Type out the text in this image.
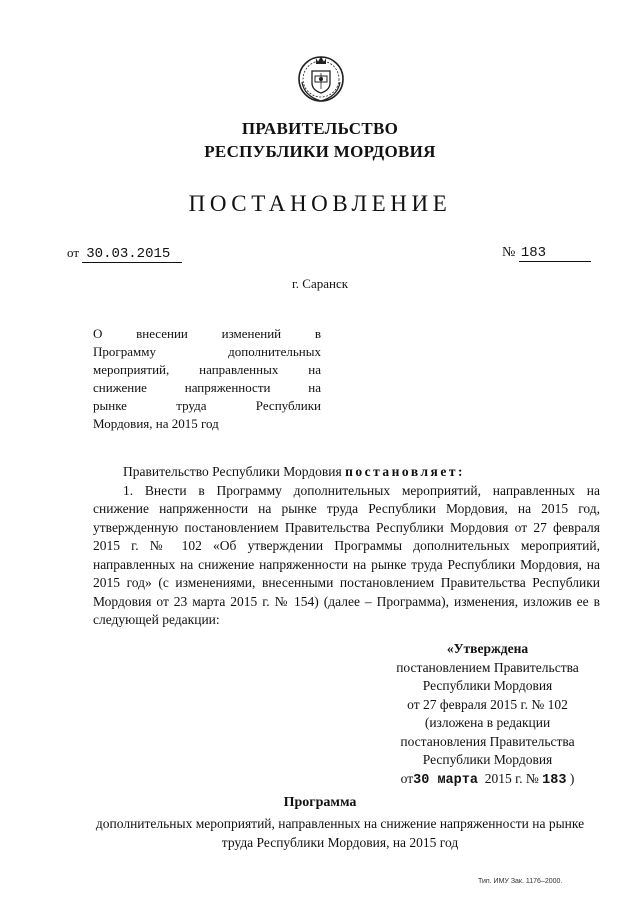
ПРАВИТЕЛЬСТВО
РЕСПУБЛИКИ МОРДОВИЯ
ПОСТАНОВЛЕНИЕ
от 30.03.2015	№ 183
г. Саранск
О внесении изменений в
Программу дополнительных
мероприятий, направленных на
снижение напряженности на
рынке труда Республики
Мордовия, на 2015 год
Правительство Республики Мордовия постановляет:
1. Внести в Программу дополнительных мероприятий, направленных на снижение напряженности на рынке труда Республики Мордовия, на 2015 год, утвержденную постановлением Правительства Республики Мордовия от 27 февраля 2015 г. № 102 «Об утверждении Программы дополнительных мероприятий, направленных на снижение напряженности на рынке труда Республики Мордовия, на 2015 год» (с изменениями, внесенными постановлением Правительства Республики Мордовия от 23 марта 2015 г. № 154) (далее – Программа), изменения, изложив ее в следующей редакции:
«Утверждена
постановлением Правительства
Республики Мордовия
от 27 февраля 2015 г. № 102
(изложена в редакции
постановления Правительства
Республики Мордовия
от30 марта 2015 г. № 183 )
Программа
дополнительных мероприятий, направленных на снижение напряженности на рынке труда Республики Мордовия, на 2015 год
Тип. ИМУ Зак. 1176–2000.
